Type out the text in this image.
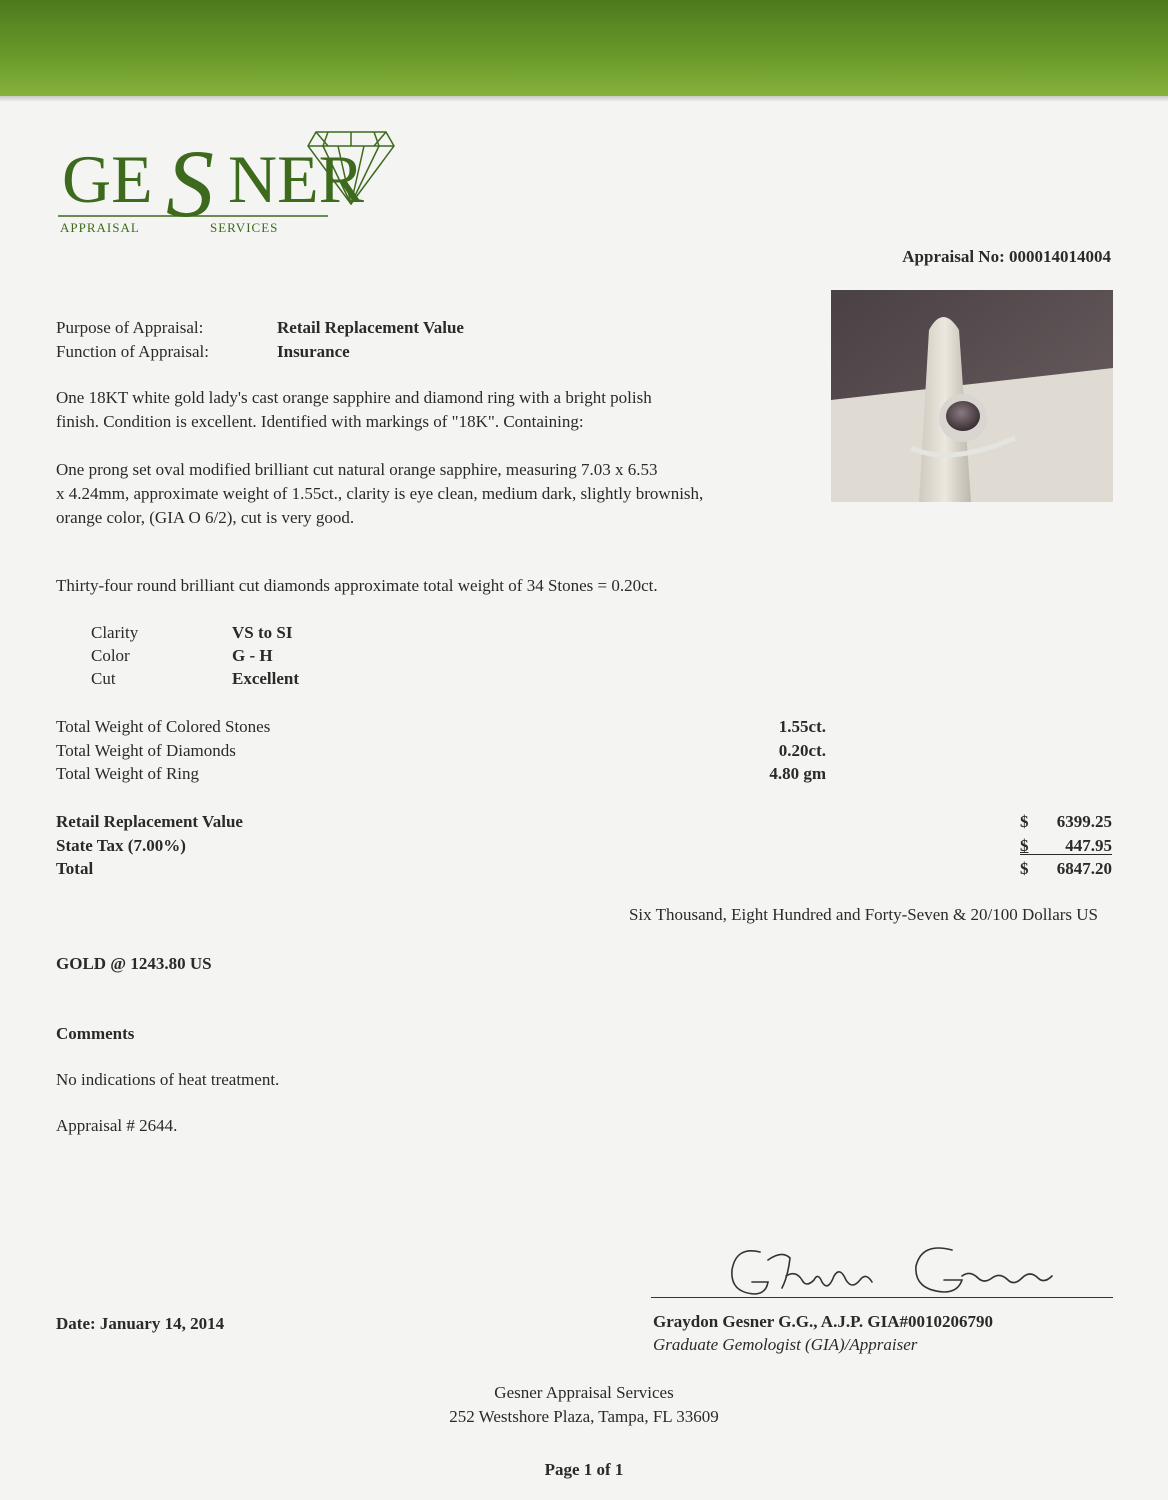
GE S NER
APPRAISAL	SERVICES
Appraisal No: 000014014004
Purpose of Appraisal:	Retail Replacement Value
Function of Appraisal:	Insurance
One 18KT white gold lady's cast orange sapphire and diamond ring with a bright polish
finish. Condition is excellent. Identified with markings of "18K". Containing:
One prong set oval modified brilliant cut natural orange sapphire, measuring 7.03 x 6.53
x 4.24mm, approximate weight of 1.55ct., clarity is eye clean, medium dark, slightly brownish,
orange color, (GIA O 6/2), cut is very good.
Thirty-four round brilliant cut diamonds approximate total weight of 34 Stones = 0.20ct.
Clarity	VS to SI
Color	G - H
Cut	Excellent
Total Weight of Colored Stones	1.55ct.
Total Weight of Diamonds	0.20ct.
Total Weight of Ring	4.80 gm
Retail Replacement Value	$	6399.25
State Tax (7.00%)	$	447.95
Total	$	6847.20
Six Thousand, Eight Hundred and Forty-Seven & 20/100 Dollars US
GOLD @ 1243.80 US
Comments
No indications of heat treatment.
Appraisal # 2644.
Date: January 14, 2014	Graydon Gesner G.G., A.J.P. GIA#0010206790
Graduate Gemologist (GIA)/Appraiser
Gesner Appraisal Services
252 Westshore Plaza, Tampa, FL 33609
Page 1 of 1
